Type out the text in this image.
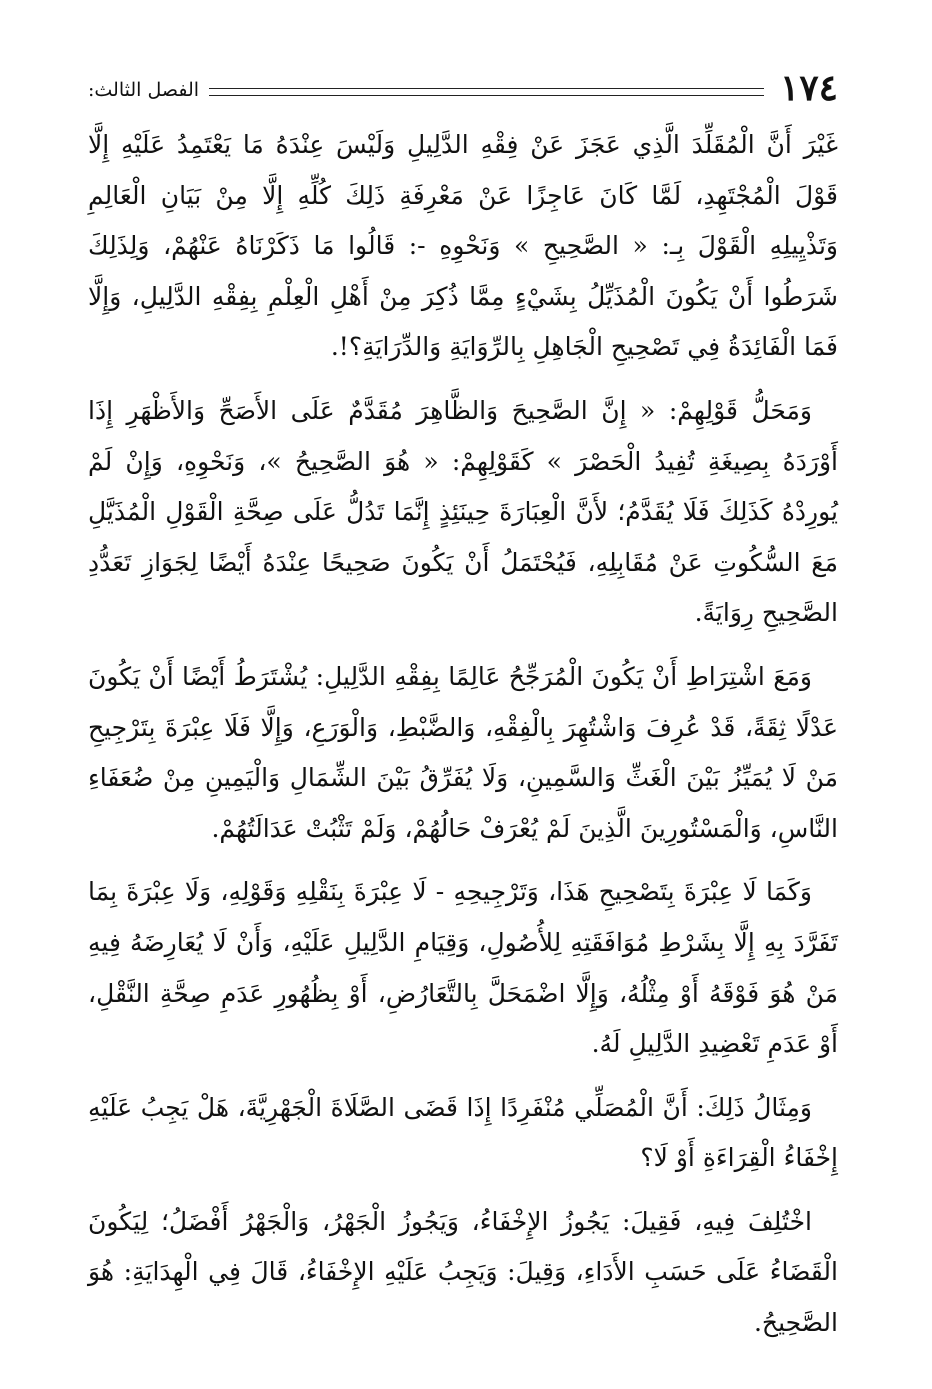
١٧٤
الفصل الثالث:

غَيْرَ أَنَّ الْمُقَلِّدَ الَّذِي عَجَزَ عَنْ فِقْهِ الدَّلِيلِ وَلَيْسَ عِنْدَهُ مَا يَعْتَمِدُ عَلَيْهِ إِلَّا قَوْلَ الْمُجْتَهِدِ، لَمَّا كَانَ عَاجِزًا عَنْ مَعْرِفَةِ ذَلِكَ كُلِّهِ إِلَّا مِنْ بَيَانِ الْعَالِمِ وَتَذْيِيلِهِ الْقَوْلَ بِـ: « الصَّحِيحِ » وَنَحْوِهِ -: قَالُوا مَا ذَكَرْنَاهُ عَنْهُمْ، وَلِذَلِكَ شَرَطُوا أَنْ يَكُونَ الْمُذَيِّلُ بِشَيْءٍ مِمَّا ذُكِرَ مِنْ أَهْلِ الْعِلْمِ بِفِقْهِ الدَّلِيلِ، وَإِلَّا فَمَا الْفَائِدَةُ فِي تَصْحِيحِ الْجَاهِلِ بِالرِّوَايَةِ وَالدِّرَايَةِ؟!.

وَمَحَلُّ قَوْلِهِمْ: « إِنَّ الصَّحِيحَ وَالظَّاهِرَ مُقَدَّمٌ عَلَى الأَصَحِّ وَالأَظْهَرِ إِذَا أَوْرَدَهُ بِصِيغَةِ تُفِيدُ الْحَصْرَ » كَقَوْلِهِمْ: « هُوَ الصَّحِيحُ »، وَنَحْوِهِ، وَإِنْ لَمْ يُورِدْهُ كَذَلِكَ فَلَا يُقَدَّمُ؛ لأَنَّ الْعِبَارَةَ حِينَئِذٍ إِنَّمَا تَدُلُّ عَلَى صِحَّةِ الْقَوْلِ الْمُذَيَّلِ مَعَ السُّكُوتِ عَنْ مُقَابِلِهِ، فَيُحْتَمَلُ أَنْ يَكُونَ صَحِيحًا عِنْدَهُ أَيْضًا لِجَوَازِ تَعَدُّدِ الصَّحِيحِ رِوَايَةً.

وَمَعَ اشْتِرَاطِ أَنْ يَكُونَ الْمُرَجِّحُ عَالِمًا بِفِقْهِ الدَّلِيلِ: يُشْتَرَطُ أَيْضًا أَنْ يَكُونَ عَدْلًا ثِقَةً، قَدْ عُرِفَ وَاشْتُهِرَ بِالْفِقْهِ، وَالضَّبْطِ، وَالْوَرَعِ، وَإِلَّا فَلَا عِبْرَةَ بِتَرْجِيحِ مَنْ لَا يُمَيِّزُ بَيْنَ الْغَثِّ وَالسَّمِينِ، وَلَا يُفَرِّقُ بَيْنَ الشِّمَالِ وَالْيَمِينِ مِنْ ضُعَفَاءِ النَّاسِ، وَالْمَسْتُورِينَ الَّذِينَ لَمْ يُعْرَفْ حَالُهُمْ، وَلَمْ تَثْبُتْ عَدَالَتُهُمْ.

وَكَمَا لَا عِبْرَةَ بِتَصْحِيحِ هَذَا، وَتَرْجِيحِهِ - لَا عِبْرَةَ بِنَقْلِهِ وَقَوْلِهِ، وَلَا عِبْرَةَ بِمَا تَفَرَّدَ بِهِ إِلَّا بِشَرْطِ مُوَافَقَتِهِ لِلأُصُولِ، وَقِيَامِ الدَّلِيلِ عَلَيْهِ، وَأَنْ لَا يُعَارِضَهُ فِيهِ مَنْ هُوَ فَوْقَهُ أَوْ مِثْلُهُ، وَإِلَّا اضْمَحَلَّ بِالتَّعَارُضِ، أَوْ بِظُهُورِ عَدَمِ صِحَّةِ النَّقْلِ، أَوْ عَدَمِ تَعْضِيدِ الدَّلِيلِ لَهُ.

وَمِثَالُ ذَلِكَ: أَنَّ الْمُصَلِّي مُنْفَرِدًا إِذَا قَضَى الصَّلَاةَ الْجَهْرِيَّةَ، هَلْ يَجِبُ عَلَيْهِ إِخْفَاءُ الْقِرَاءَةِ أَوْ لَا؟

اخْتُلِفَ فِيهِ، فَقِيلَ: يَجُوزُ الإِخْفَاءُ، وَيَجُوزُ الْجَهْرُ، وَالْجَهْرُ أَفْضَلُ؛ لِيَكُونَ الْقَضَاءُ عَلَى حَسَبِ الأَدَاءِ، وَقِيلَ: وَيَجِبُ عَلَيْهِ الإِخْفَاءُ، قَالَ فِي الْهِدَايَةِ: هُوَ الصَّحِيحُ.
